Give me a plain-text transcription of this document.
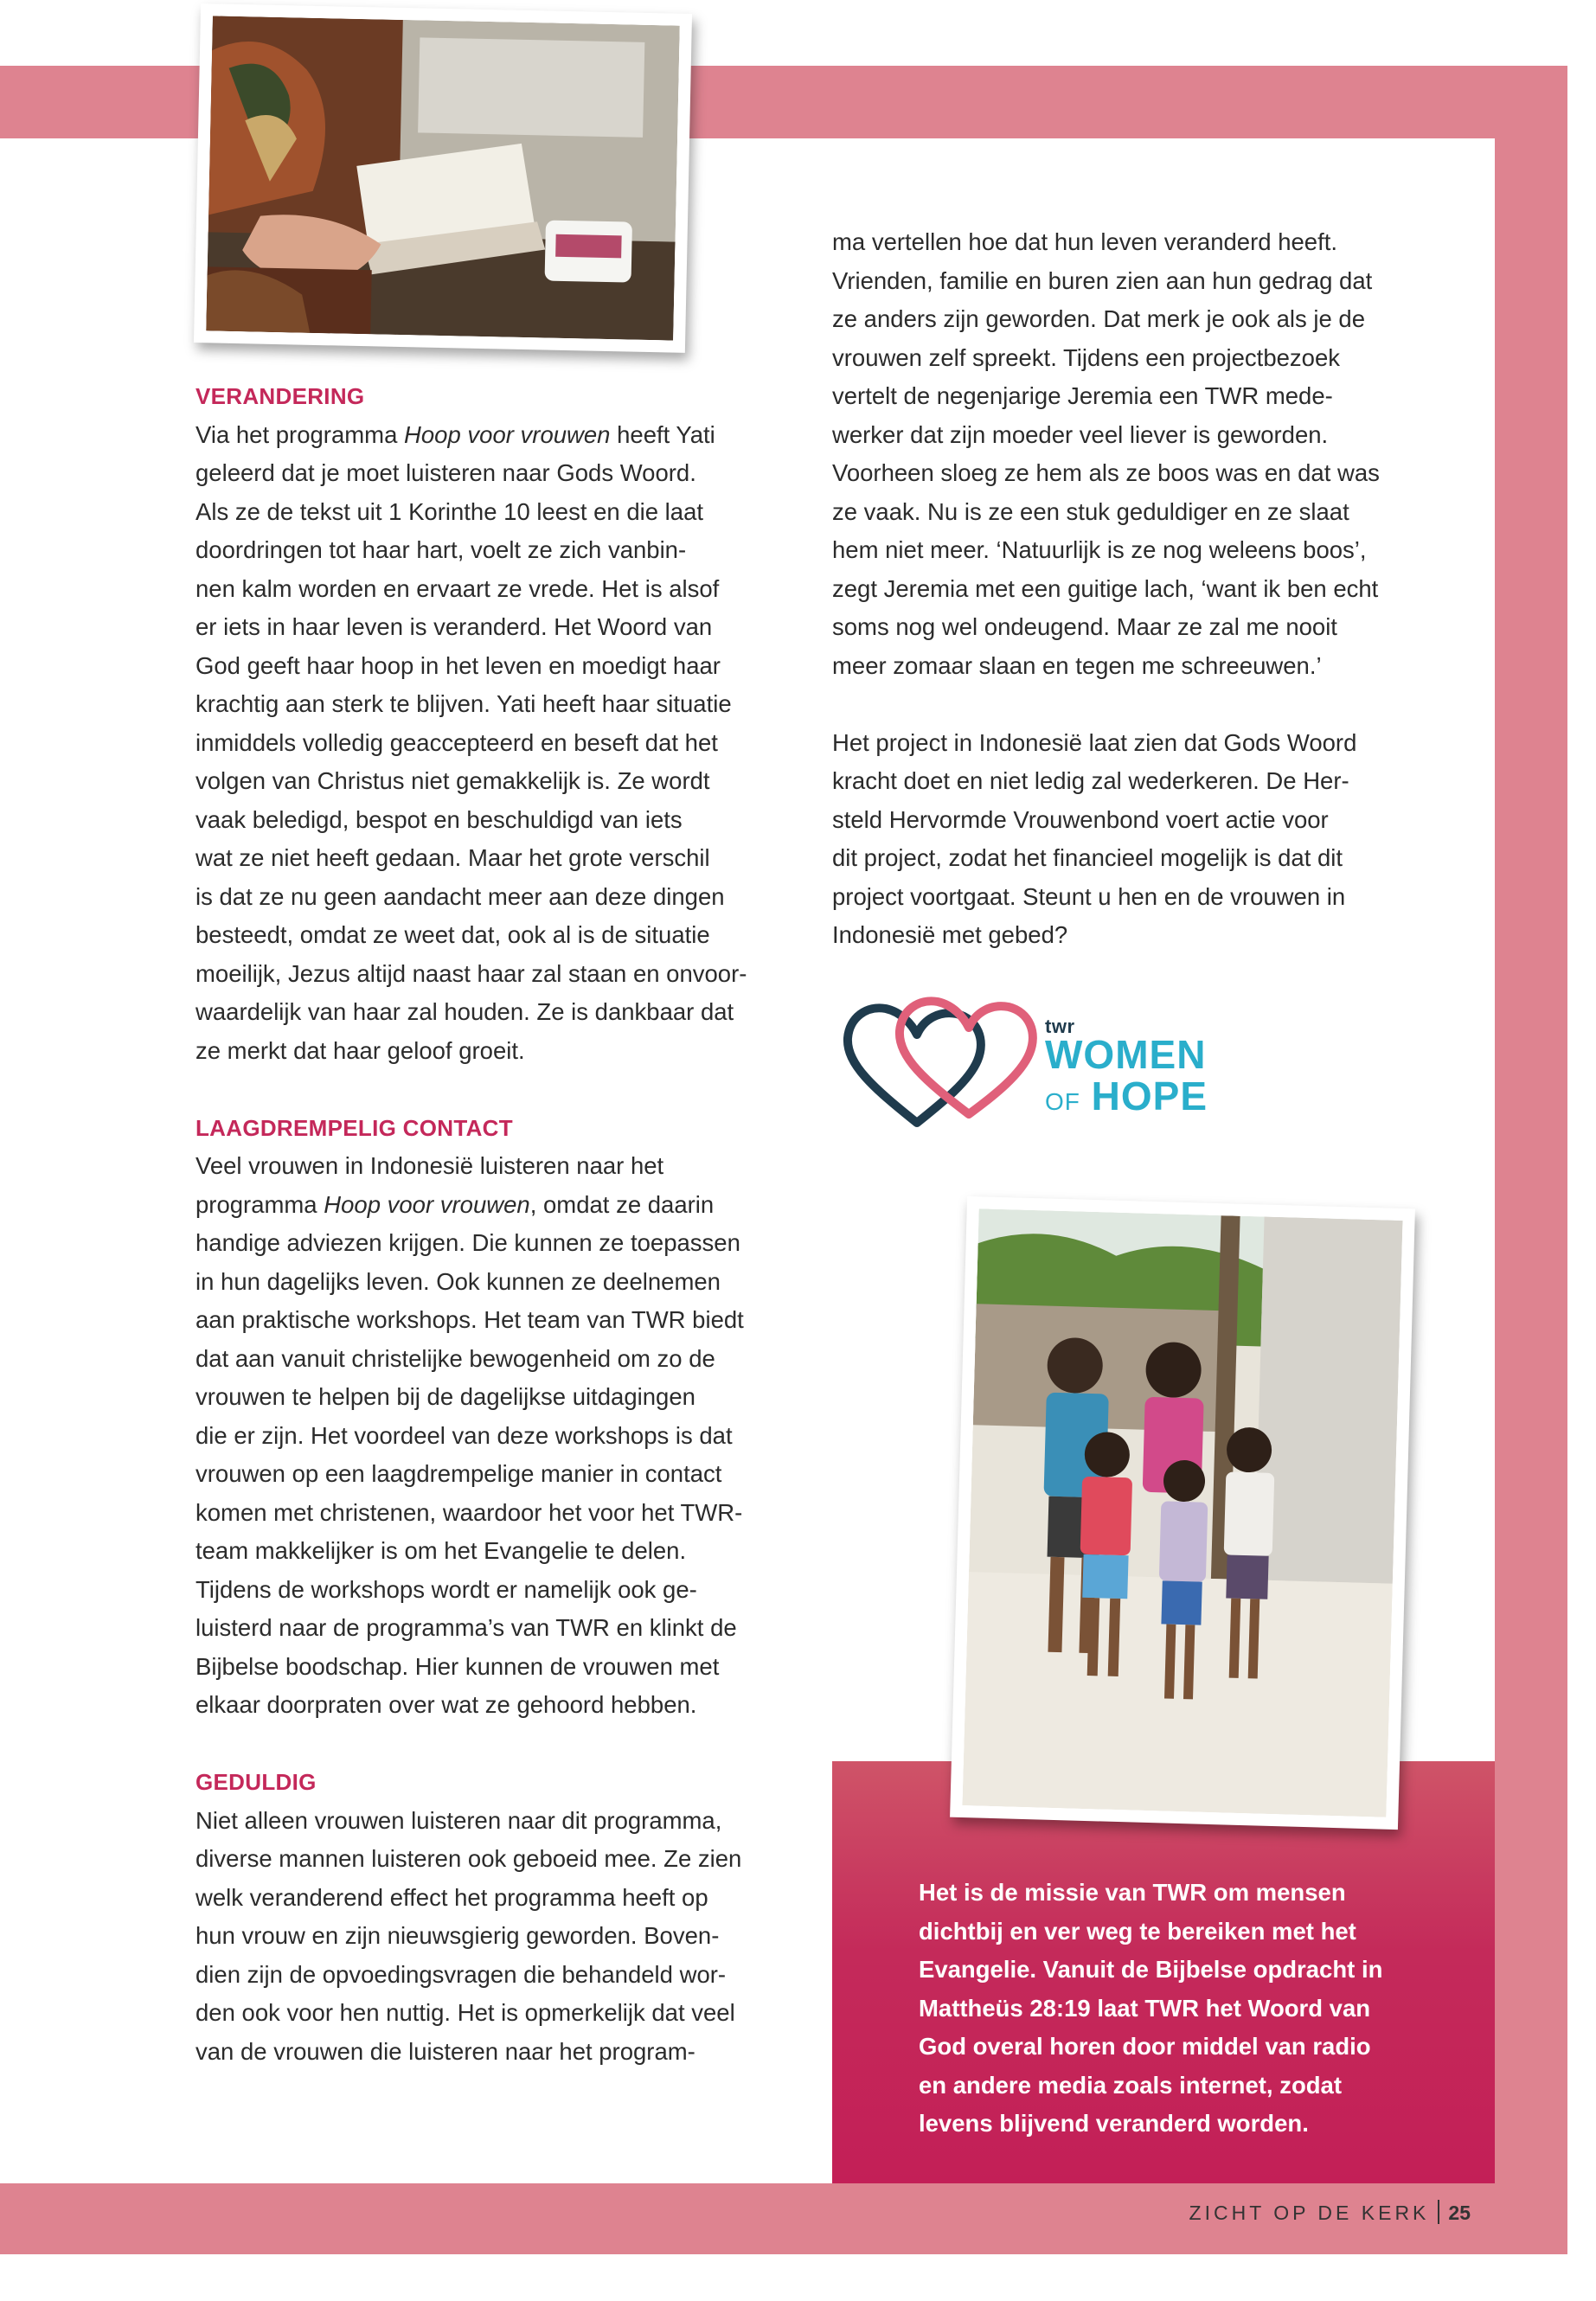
VERANDERING

Via het programma Hoop voor vrouwen heeft Yati

geleerd dat je moet luisteren naar Gods Woord.

Als ze de tekst uit 1 Korinthe 10 leest en die laat

doordringen tot haar hart, voelt ze zich vanbin-

nen kalm worden en ervaart ze vrede. Het is alsof

er iets in haar leven is veranderd. Het Woord van

God geeft haar hoop in het leven en moedigt haar

krachtig aan sterk te blijven. Yati heeft haar situatie

inmiddels volledig geaccepteerd en beseft dat het

volgen van Christus niet gemakkelijk is. Ze wordt

vaak beledigd, bespot en beschuldigd van iets

wat ze niet heeft gedaan. Maar het grote verschil

is dat ze nu geen aandacht meer aan deze dingen

besteedt, omdat ze weet dat, ook al is de situatie

moeilijk, Jezus altijd naast haar zal staan en onvoor-

waardelijk van haar zal houden. Ze is dankbaar dat

ze merkt dat haar geloof groeit.

LAAGDREMPELIG CONTACT

Veel vrouwen in Indonesië luisteren naar het

programma Hoop voor vrouwen, omdat ze daarin

handige adviezen krijgen. Die kunnen ze toepassen

in hun dagelijks leven. Ook kunnen ze deelnemen

aan praktische workshops. Het team van TWR biedt

dat aan vanuit christelijke bewogenheid om zo de

vrouwen te helpen bij de dagelijkse uitdagingen

die er zijn. Het voordeel van deze workshops is dat

vrouwen op een laagdrempelige manier in contact

komen met christenen, waardoor het voor het TWR-

team makkelijker is om het Evangelie te delen.

Tijdens de workshops wordt er namelijk ook ge-

luisterd naar de programma’s van TWR en klinkt de

Bijbelse boodschap. Hier kunnen de vrouwen met

elkaar doorpraten over wat ze gehoord hebben.

GEDULDIG

Niet alleen vrouwen luisteren naar dit programma,

diverse mannen luisteren ook geboeid mee. Ze zien

welk veranderend effect het programma heeft op

hun vrouw en zijn nieuwsgierig geworden. Boven-

dien zijn de opvoedingsvragen die behandeld wor-

den ook voor hen nuttig. Het is opmerkelijk dat veel

van de vrouwen die luisteren naar het program-

ma vertellen hoe dat hun leven veranderd heeft.

Vrienden, familie en buren zien aan hun gedrag dat

ze anders zijn geworden. Dat merk je ook als je de

vrouwen zelf spreekt. Tijdens een projectbezoek

vertelt de negenjarige Jeremia een TWR mede-

werker dat zijn moeder veel liever is geworden.

Voorheen sloeg ze hem als ze boos was en dat was

ze vaak. Nu is ze een stuk geduldiger en ze slaat

hem niet meer. ‘Natuurlijk is ze nog weleens boos’,

zegt Jeremia met een guitige lach, ‘want ik ben echt

soms nog wel ondeugend. Maar ze zal me nooit

meer zomaar slaan en tegen me schreeuwen.’

Het project in Indonesië laat zien dat Gods Woord

kracht doet en niet ledig zal wederkeren. De Her-

steld Hervormde Vrouwenbond voert actie voor

dit project, zodat het financieel mogelijk is dat dit

project voortgaat. Steunt u hen en de vrouwen in

Indonesië met gebed?

twr
WOMEN
OF HOPE
Het is de missie van TWR om mensen
dichtbij en ver weg te bereiken met het
Evangelie. Vanuit de Bijbelse opdracht in
Mattheüs 28:19 laat TWR het Woord van
God overal horen door middel van radio
en andere media zoals internet, zodat
levens blijvend veranderd worden.
ZICHT OP DE KERK 25
